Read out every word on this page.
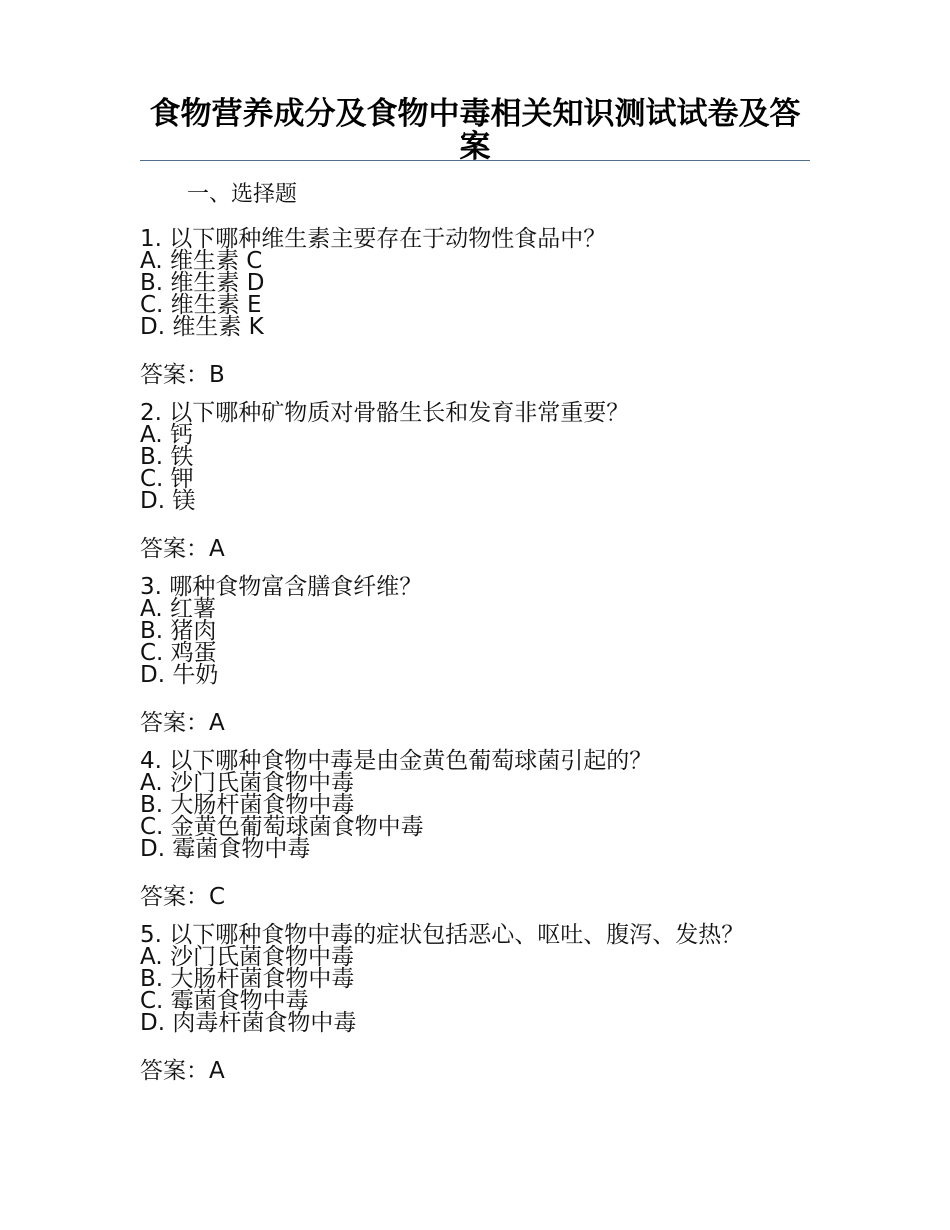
食物营养成分及食物中毒相关知识测试试卷及答案
一、选择题
1. 以下哪种维生素主要存在于动物性食品中？
A. 维生素 C
B. 维生素 D
C. 维生素 E
D. 维生素 K
答案：B
2. 以下哪种矿物质对骨骼生长和发育非常重要？
A. 钙
B. 铁
C. 钾
D. 镁
答案：A
3. 哪种食物富含膳食纤维？
A. 红薯
B. 猪肉
C. 鸡蛋
D. 牛奶
答案：A
4. 以下哪种食物中毒是由金黄色葡萄球菌引起的？
A. 沙门氏菌食物中毒
B. 大肠杆菌食物中毒
C. 金黄色葡萄球菌食物中毒
D. 霉菌食物中毒
答案：C
5. 以下哪种食物中毒的症状包括恶心、呕吐、腹泻、发热？
A. 沙门氏菌食物中毒
B. 大肠杆菌食物中毒
C. 霉菌食物中毒
D. 肉毒杆菌食物中毒
答案：A
